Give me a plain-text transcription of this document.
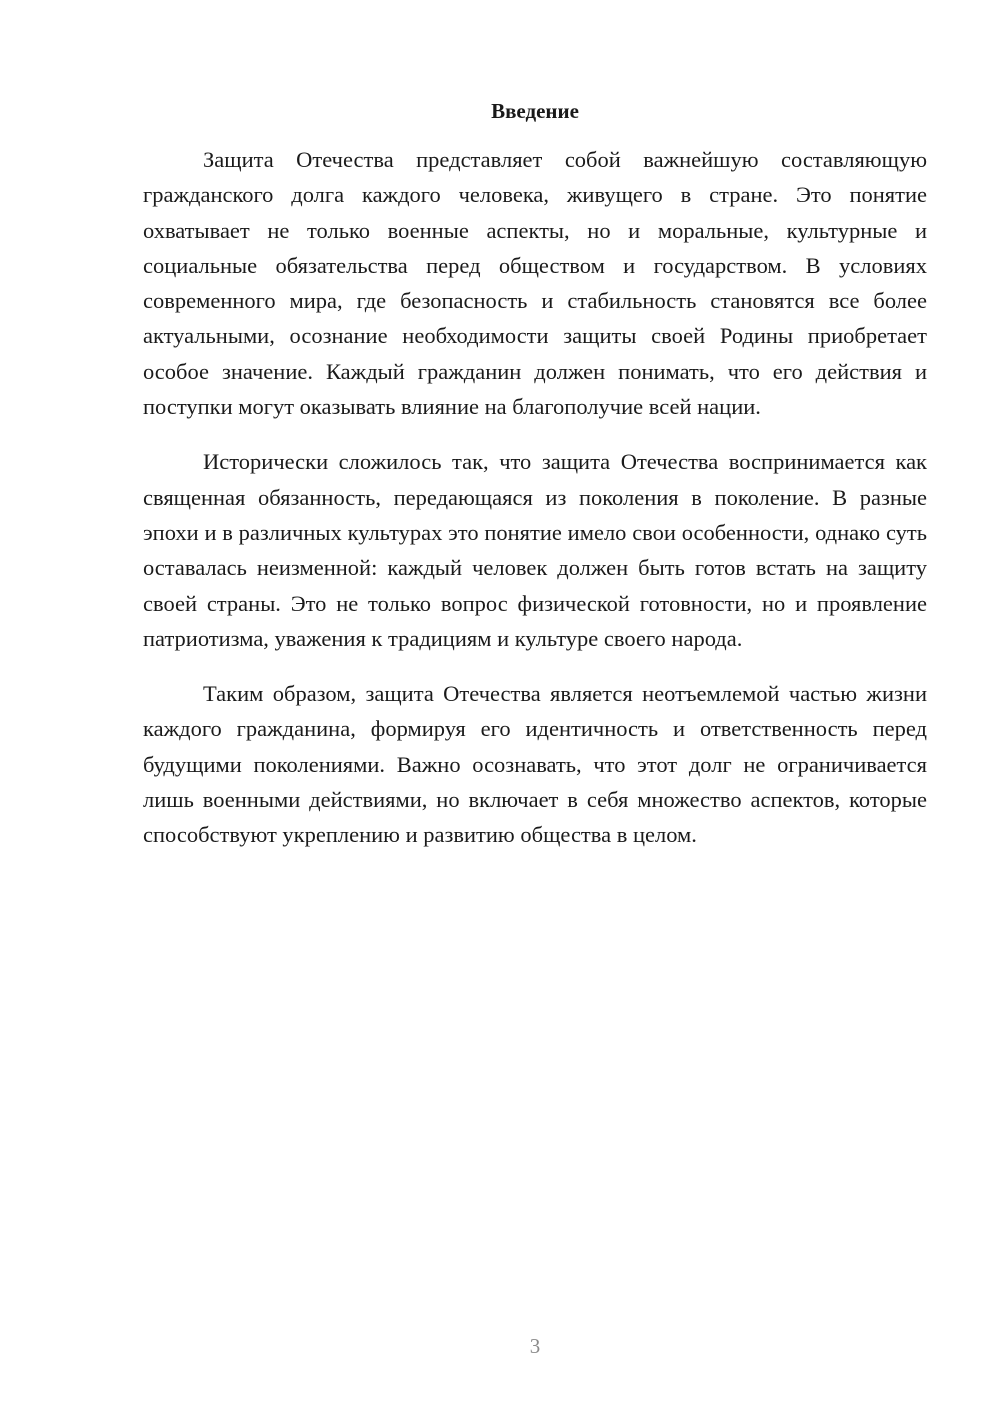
Введение

Защита Отечества представляет собой важнейшую составляющую гражданского долга каждого человека, живущего в стране. Это понятие охватывает не только военные аспекты, но и моральные, культурные и социальные обязательства перед обществом и государством. В условиях современного мира, где безопасность и стабильность становятся все более актуальными, осознание необходимости защиты своей Родины приобретает особое значение. Каждый гражданин должен понимать, что его действия и поступки могут оказывать влияние на благополучие всей нации.

Исторически сложилось так, что защита Отечества воспринимается как священная обязанность, передающаяся из поколения в поколение. В разные эпохи и в различных культурах это понятие имело свои особенности, однако суть оставалась неизменной: каждый человек должен быть готов встать на защиту своей страны. Это не только вопрос физической готовности, но и проявление патриотизма, уважения к традициям и культуре своего народа.

Таким образом, защита Отечества является неотъемлемой частью жизни каждого гражданина, формируя его идентичность и ответственность перед будущими поколениями. Важно осознавать, что этот долг не ограничивается лишь военными действиями, но включает в себя множество аспектов, которые способствуют укреплению и развитию общества в целом.

3
